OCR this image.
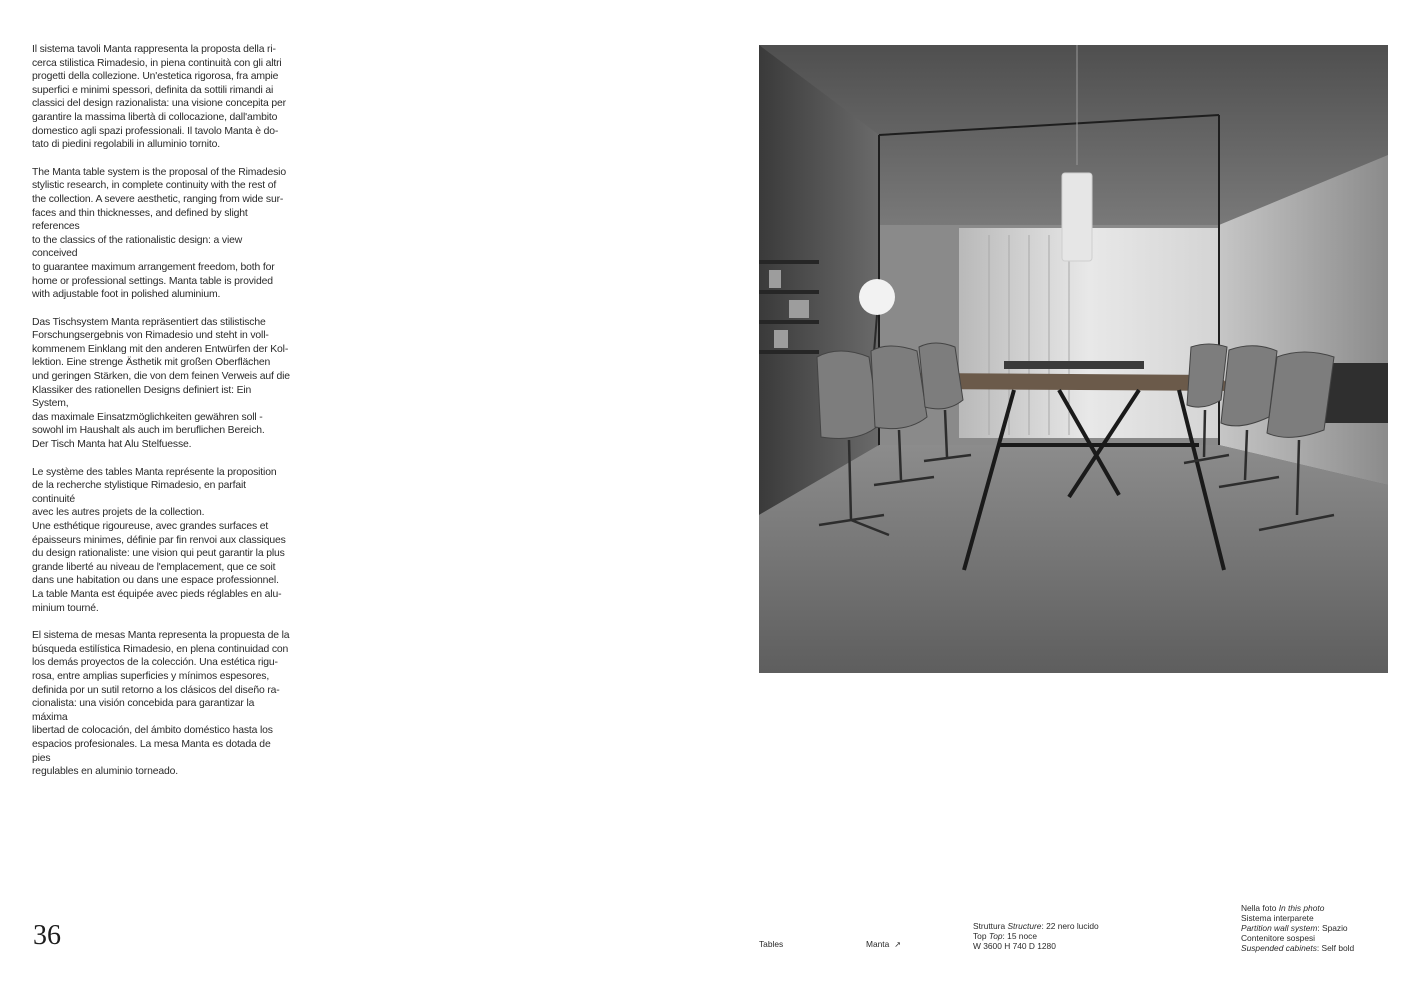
Il sistema tavoli Manta rappresenta la proposta della ri-
cerca stilistica Rimadesio, in piena continuità con gli altri
progetti della collezione. Un'estetica rigorosa, fra ampie
superfici e minimi spessori, definita da sottili rimandi ai
classici del design razionalista: una visione concepita per
garantire la massima libertà di collocazione, dall'ambito
domestico agli spazi professionali. Il tavolo Manta è do-
tato di piedini regolabili in alluminio tornito.

The Manta table system is the proposal of the Rimadesio
stylistic research, in complete continuity with the rest of
the collection. A severe aesthetic, ranging from wide sur-
faces and thin thicknesses, and defined by slight references
to the classics of the rationalistic design: a view conceived
to guarantee maximum arrangement freedom, both for
home or professional settings. Manta table is provided
with adjustable foot in polished aluminium.

Das Tischsystem Manta repräsentiert das stilistische
Forschungsergebnis von Rimadesio und steht in voll-
kommenem Einklang mit den anderen Entwürfen der Kol-
lektion. Eine strenge Ästhetik mit großen Oberflächen
und geringen Stärken, die von dem feinen Verweis auf die
Klassiker des rationellen Designs definiert ist: Ein System,
das maximale Einsatzmöglichkeiten gewähren soll -
sowohl im Haushalt als auch im beruflichen Bereich.
Der Tisch Manta hat Alu Stelfuesse.

Le système des tables Manta représente la proposition
de la recherche stylistique Rimadesio, en parfait continuité
avec les autres projets de la collection.
Une esthétique rigoureuse, avec grandes surfaces et
épaisseurs minimes, définie par fin renvoi aux classiques
du design rationaliste: une vision qui peut garantir la plus
grande liberté au niveau de l'emplacement, que ce soit
dans une habitation ou dans une espace professionnel.
La table Manta est équipée avec pieds réglables en alu-
minium tourné.

El sistema de mesas Manta representa la propuesta de la
búsqueda estilística Rimadesio, en plena continuidad con
los demás proyectos de la colección. Una estética rigu-
rosa, entre amplias superficies y mínimos espesores,
definida por un sutil retorno a los clásicos del diseño ra-
cionalista: una visión concebida para garantizar la máxima
libertad de colocación, del ámbito doméstico hasta los
espacios profesionales. La mesa Manta es dotada de pies
regulables en aluminio torneado.

36	Tables	Manta ↗
Struttura Structure: 22 nero lucido
Top Top: 15 noce
W 3600 H 740 D 1280
Nella foto In this photo
Sistema interparete
Partition wall system: Spazio
Contenitore sospesi
Suspended cabinets: Self bold
